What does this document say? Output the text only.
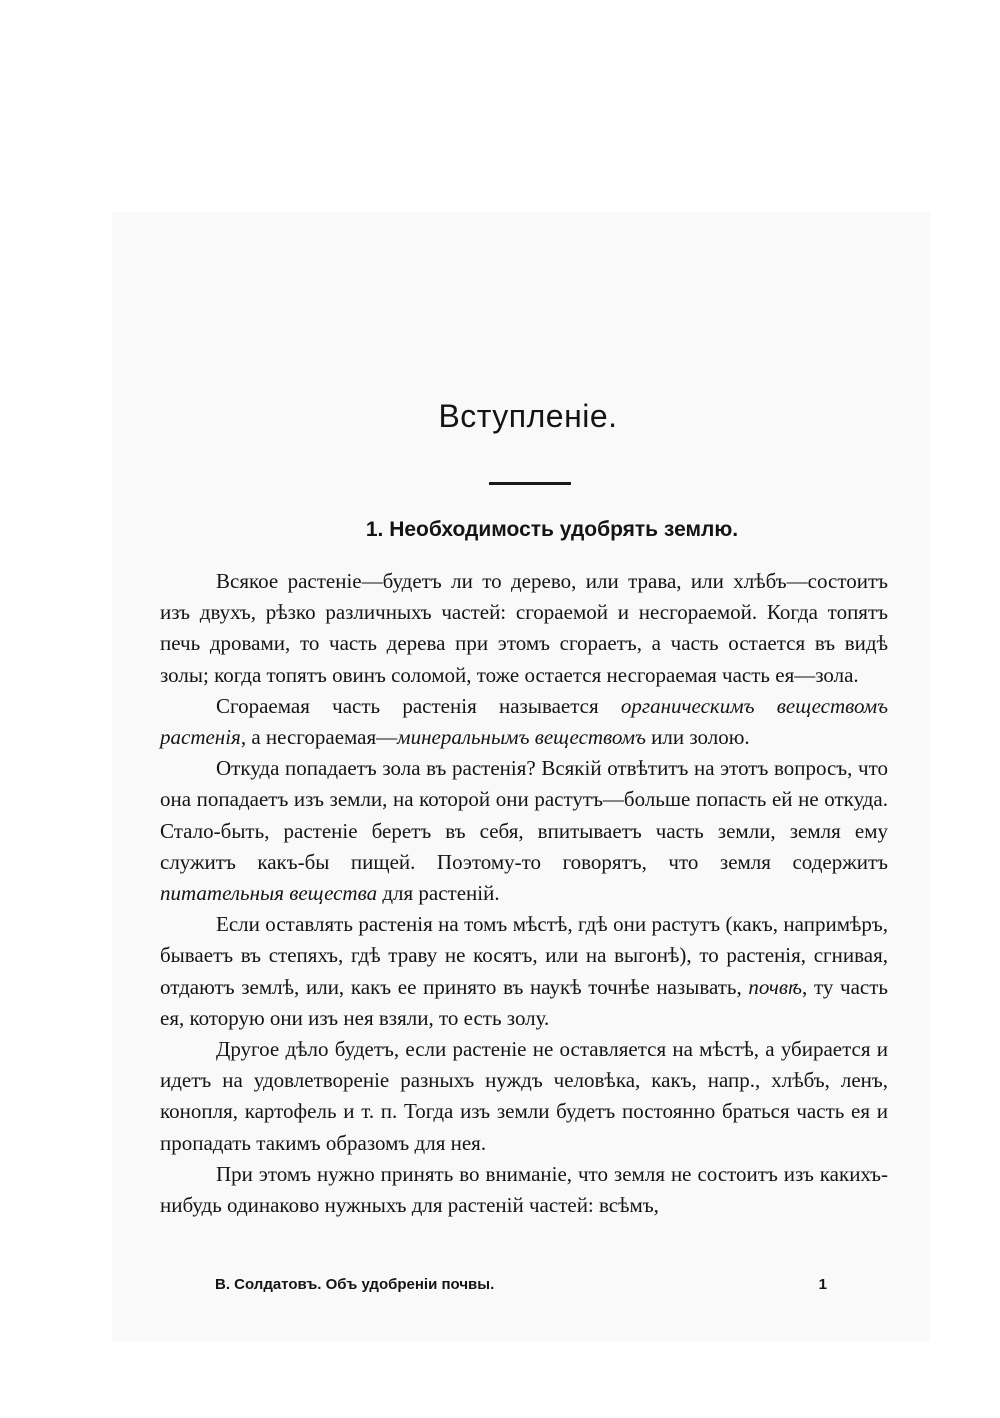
Вступленіе.
1. Необходимость удобрять землю.

Всякое растеніе—будетъ ли то дерево, или трава, или хлѣбъ—состоитъ изъ двухъ, рѣзко различныхъ частей: сгораемой и несгораемой. Когда топятъ печь дровами, то часть дерева при этомъ сгораетъ, а часть остается въ видѣ золы; когда топятъ овинъ соломой, тоже остается несгораемая часть ея—зола.

Сгораемая часть растенія называется органическимъ веществомъ растенія, а несгораемая—минеральнымъ веществомъ или золою.

Откуда попадаетъ зола въ растенія? Всякій отвѣтитъ на этотъ вопросъ, что она попадаетъ изъ земли, на которой они растутъ—больше попасть ей не откуда. Стало-быть, растеніе беретъ въ себя, впитываетъ часть земли, земля ему служитъ какъ-бы пищей. Поэтому-то говорятъ, что земля содержитъ питательныя вещества для растеній.

Если оставлять растенія на томъ мѣстѣ, гдѣ они растутъ (какъ, напримѣръ, бываетъ въ степяхъ, гдѣ траву не косятъ, или на выгонѣ), то растенія, сгнивая, отдаютъ землѣ, или, какъ ее принято въ наукѣ точнѣе называть, почвѣ, ту часть ея, которую они изъ нея взяли, то есть золу.

Другое дѣло будетъ, если растеніе не оставляется на мѣстѣ, а убирается и идетъ на удовлетвореніе разныхъ нуждъ человѣка, какъ, напр., хлѣбъ, ленъ, конопля, картофель и т. п. Тогда изъ земли будетъ постоянно браться часть ея и пропадать такимъ образомъ для нея.

При этомъ нужно принять во вниманіе, что земля не состоитъ изъ какихъ-нибудь одинаково нужныхъ для растеній частей: всѣмъ,

В. Солдатовъ. Объ удобреніи почвы.	1
